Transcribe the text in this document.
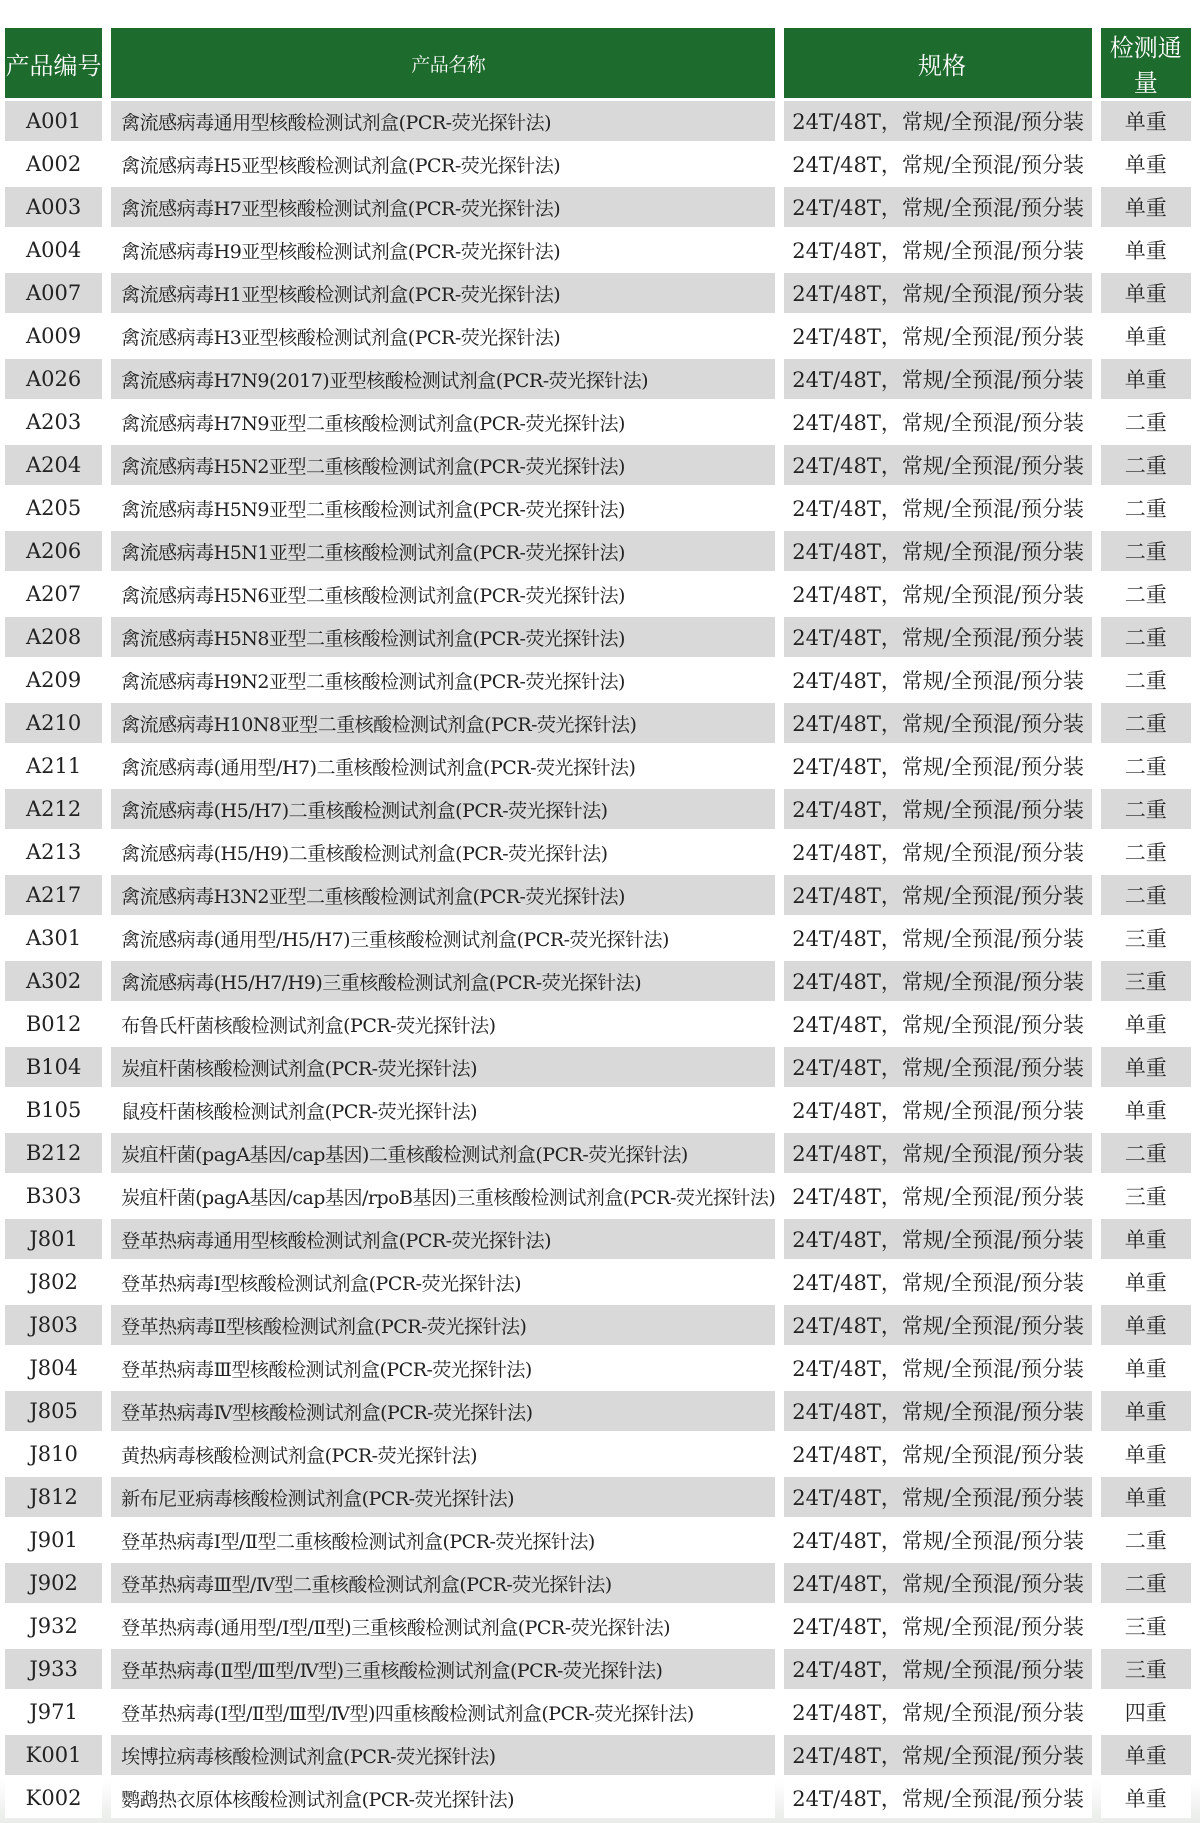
产品编号	产品名称	规格	检测通量
A001	禽流感病毒通用型核酸检测试剂盒(PCR-荧光探针法)	24T/48T，常规/全预混/预分装	单重
A002	禽流感病毒H5亚型核酸检测试剂盒(PCR-荧光探针法)	24T/48T，常规/全预混/预分装	单重
A003	禽流感病毒H7亚型核酸检测试剂盒(PCR-荧光探针法)	24T/48T，常规/全预混/预分装	单重
A004	禽流感病毒H9亚型核酸检测试剂盒(PCR-荧光探针法)	24T/48T，常规/全预混/预分装	单重
A007	禽流感病毒H1亚型核酸检测试剂盒(PCR-荧光探针法)	24T/48T，常规/全预混/预分装	单重
A009	禽流感病毒H3亚型核酸检测试剂盒(PCR-荧光探针法)	24T/48T，常规/全预混/预分装	单重
A026	禽流感病毒H7N9(2017)亚型核酸检测试剂盒(PCR-荧光探针法)	24T/48T，常规/全预混/预分装	单重
A203	禽流感病毒H7N9亚型二重核酸检测试剂盒(PCR-荧光探针法)	24T/48T，常规/全预混/预分装	二重
A204	禽流感病毒H5N2亚型二重核酸检测试剂盒(PCR-荧光探针法)	24T/48T，常规/全预混/预分装	二重
A205	禽流感病毒H5N9亚型二重核酸检测试剂盒(PCR-荧光探针法)	24T/48T，常规/全预混/预分装	二重
A206	禽流感病毒H5N1亚型二重核酸检测试剂盒(PCR-荧光探针法)	24T/48T，常规/全预混/预分装	二重
A207	禽流感病毒H5N6亚型二重核酸检测试剂盒(PCR-荧光探针法)	24T/48T，常规/全预混/预分装	二重
A208	禽流感病毒H5N8亚型二重核酸检测试剂盒(PCR-荧光探针法)	24T/48T，常规/全预混/预分装	二重
A209	禽流感病毒H9N2亚型二重核酸检测试剂盒(PCR-荧光探针法)	24T/48T，常规/全预混/预分装	二重
A210	禽流感病毒H10N8亚型二重核酸检测试剂盒(PCR-荧光探针法)	24T/48T，常规/全预混/预分装	二重
A211	禽流感病毒(通用型/H7)二重核酸检测试剂盒(PCR-荧光探针法)	24T/48T，常规/全预混/预分装	二重
A212	禽流感病毒(H5/H7)二重核酸检测试剂盒(PCR-荧光探针法)	24T/48T，常规/全预混/预分装	二重
A213	禽流感病毒(H5/H9)二重核酸检测试剂盒(PCR-荧光探针法)	24T/48T，常规/全预混/预分装	二重
A217	禽流感病毒H3N2亚型二重核酸检测试剂盒(PCR-荧光探针法)	24T/48T，常规/全预混/预分装	二重
A301	禽流感病毒(通用型/H5/H7)三重核酸检测试剂盒(PCR-荧光探针法)	24T/48T，常规/全预混/预分装	三重
A302	禽流感病毒(H5/H7/H9)三重核酸检测试剂盒(PCR-荧光探针法)	24T/48T，常规/全预混/预分装	三重
B012	布鲁氏杆菌核酸检测试剂盒(PCR-荧光探针法)	24T/48T，常规/全预混/预分装	单重
B104	炭疽杆菌核酸检测试剂盒(PCR-荧光探针法)	24T/48T，常规/全预混/预分装	单重
B105	鼠疫杆菌核酸检测试剂盒(PCR-荧光探针法)	24T/48T，常规/全预混/预分装	单重
B212	炭疽杆菌(pagA基因/cap基因)二重核酸检测试剂盒(PCR-荧光探针法)	24T/48T，常规/全预混/预分装	二重
B303	炭疽杆菌(pagA基因/cap基因/rpoB基因)三重核酸检测试剂盒(PCR-荧光探针法)	24T/48T，常规/全预混/预分装	三重
J801	登革热病毒通用型核酸检测试剂盒(PCR-荧光探针法)	24T/48T，常规/全预混/预分装	单重
J802	登革热病毒I型核酸检测试剂盒(PCR-荧光探针法)	24T/48T，常规/全预混/预分装	单重
J803	登革热病毒Ⅱ型核酸检测试剂盒(PCR-荧光探针法)	24T/48T，常规/全预混/预分装	单重
J804	登革热病毒Ⅲ型核酸检测试剂盒(PCR-荧光探针法)	24T/48T，常规/全预混/预分装	单重
J805	登革热病毒Ⅳ型核酸检测试剂盒(PCR-荧光探针法)	24T/48T，常规/全预混/预分装	单重
J810	黄热病毒核酸检测试剂盒(PCR-荧光探针法)	24T/48T，常规/全预混/预分装	单重
J812	新布尼亚病毒核酸检测试剂盒(PCR-荧光探针法)	24T/48T，常规/全预混/预分装	单重
J901	登革热病毒I型/Ⅱ型二重核酸检测试剂盒(PCR-荧光探针法)	24T/48T，常规/全预混/预分装	二重
J902	登革热病毒Ⅲ型/Ⅳ型二重核酸检测试剂盒(PCR-荧光探针法)	24T/48T，常规/全预混/预分装	二重
J932	登革热病毒(通用型/I型/Ⅱ型)三重核酸检测试剂盒(PCR-荧光探针法)	24T/48T，常规/全预混/预分装	三重
J933	登革热病毒(Ⅱ型/Ⅲ型/Ⅳ型)三重核酸检测试剂盒(PCR-荧光探针法)	24T/48T，常规/全预混/预分装	三重
J971	登革热病毒(I型/Ⅱ型/Ⅲ型/Ⅳ型)四重核酸检测试剂盒(PCR-荧光探针法)	24T/48T，常规/全预混/预分装	四重
K001	埃博拉病毒核酸检测试剂盒(PCR-荧光探针法)	24T/48T，常规/全预混/预分装	单重
K002	鹦鹉热衣原体核酸检测试剂盒(PCR-荧光探针法)	24T/48T，常规/全预混/预分装	单重
